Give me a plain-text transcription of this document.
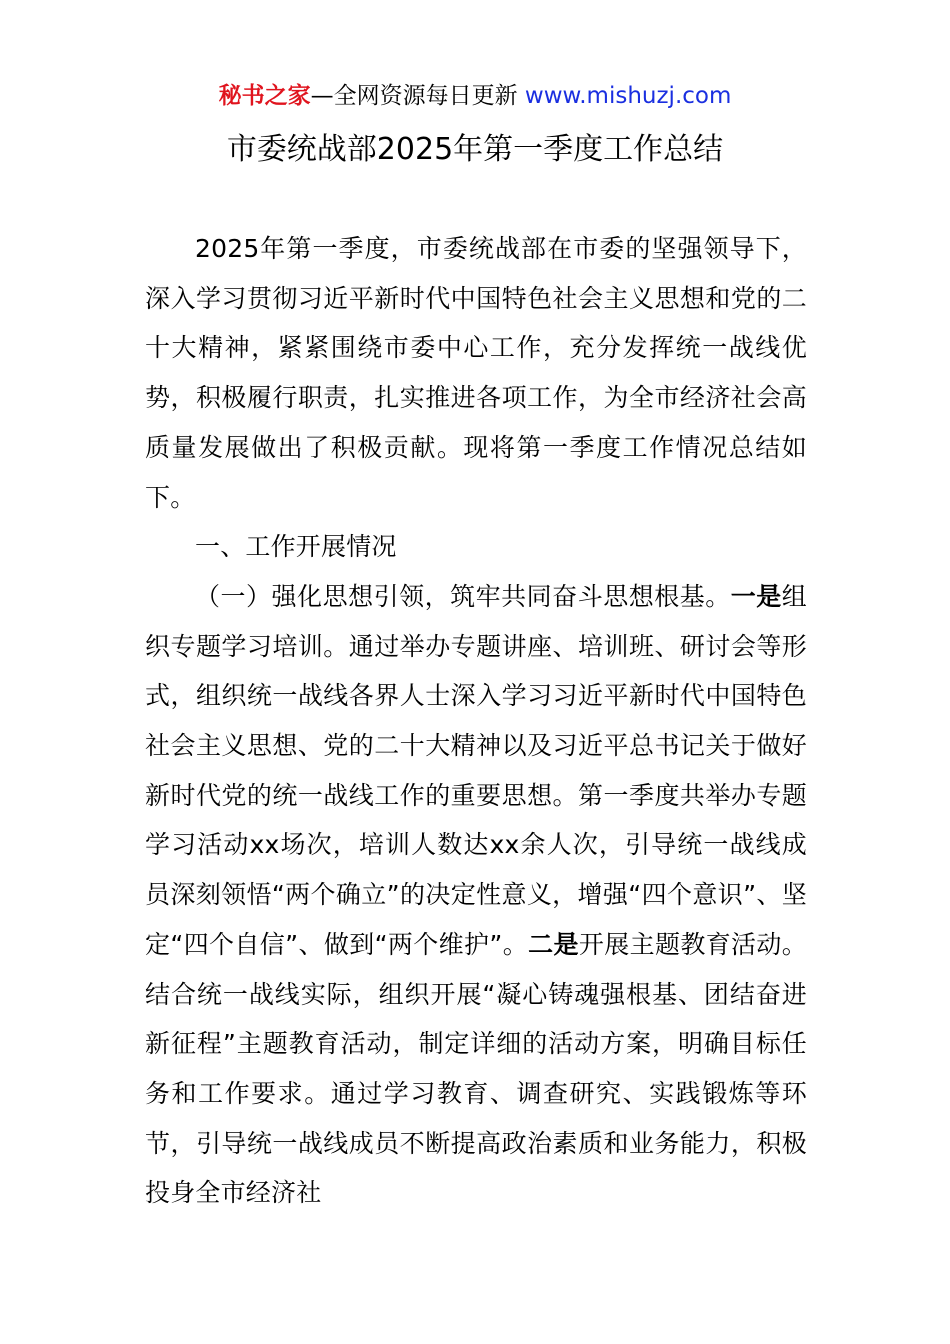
秘书之家—全网资源每日更新 www.mishuzj.com
市委统战部2025年第一季度工作总结

2025年第一季度，市委统战部在市委的坚强领导下，深入学习贯彻习近平新时代中国特色社会主义思想和党的二十大精神，紧紧围绕市委中心工作，充分发挥统一战线优势，积极履行职责，扎实推进各项工作，为全市经济社会高质量发展做出了积极贡献。现将第一季度工作情况总结如下。

一、工作开展情况

（一）强化思想引领，筑牢共同奋斗思想根基。一是组织专题学习培训。通过举办专题讲座、培训班、研讨会等形式，组织统一战线各界人士深入学习习近平新时代中国特色社会主义思想、党的二十大精神以及习近平总书记关于做好新时代党的统一战线工作的重要思想。第一季度共举办专题学习活动xx场次，培训人数达xx余人次，引导统一战线成员深刻领悟“两个确立”的决定性意义，增强“四个意识”、坚定“四个自信”、做到“两个维护”。二是开展主题教育活动。结合统一战线实际，组织开展“凝心铸魂强根基、团结奋进新征程”主题教育活动，制定详细的活动方案，明确目标任务和工作要求。通过学习教育、调查研究、实践锻炼等环节，引导统一战线成员不断提高政治素质和业务能力，积极投身全市经济社
